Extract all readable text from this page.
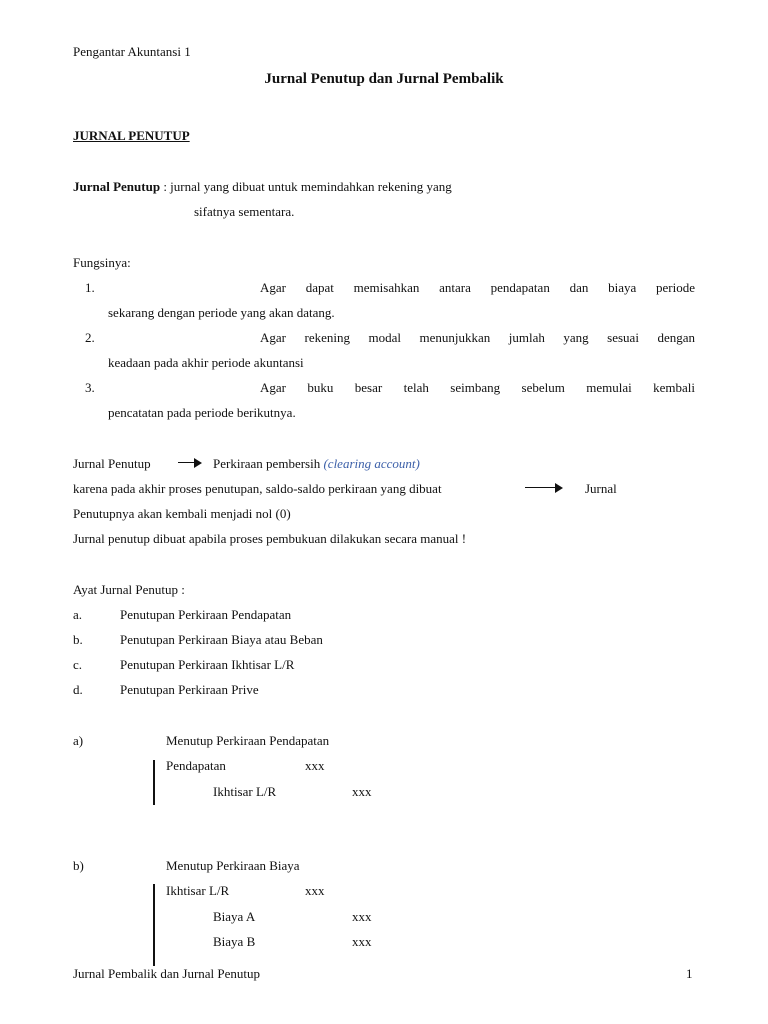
Pengantar Akuntansi 1
Jurnal Penutup dan Jurnal Pembalik
JURNAL PENUTUP
Jurnal Penutup : jurnal yang dibuat untuk memindahkan rekening yang
sifatnya sementara.
Fungsinya:
1.	Agar dapat memisahkan antara pendapatan dan biaya periode
sekarang dengan periode yang akan datang.
2.	Agar rekening modal menunjukkan jumlah yang sesuai dengan
keadaan pada akhir periode akuntansi
3.	Agar buku besar telah seimbang sebelum memulai kembali
pencatatan pada periode berikutnya.
Jurnal Penutup	Perkiraan pembersih (clearing account)
karena pada akhir proses penutupan, saldo-saldo perkiraan yang dibuat	Jurnal
Penutupnya akan kembali menjadi nol (0)
Jurnal penutup dibuat apabila proses pembukuan dilakukan secara manual !
Ayat Jurnal Penutup :
a.	Penutupan Perkiraan Pendapatan
b.	Penutupan Perkiraan Biaya atau Beban
c.	Penutupan Perkiraan Ikhtisar L/R
d.	Penutupan Perkiraan Prive
a)	Menutup Perkiraan Pendapatan
Pendapatan	xxx
Ikhtisar L/R	xxx
b)	Menutup Perkiraan Biaya
Ikhtisar L/R	xxx
Biaya A	xxx
Biaya B	xxx
Jurnal Pembalik dan Jurnal Penutup	1
